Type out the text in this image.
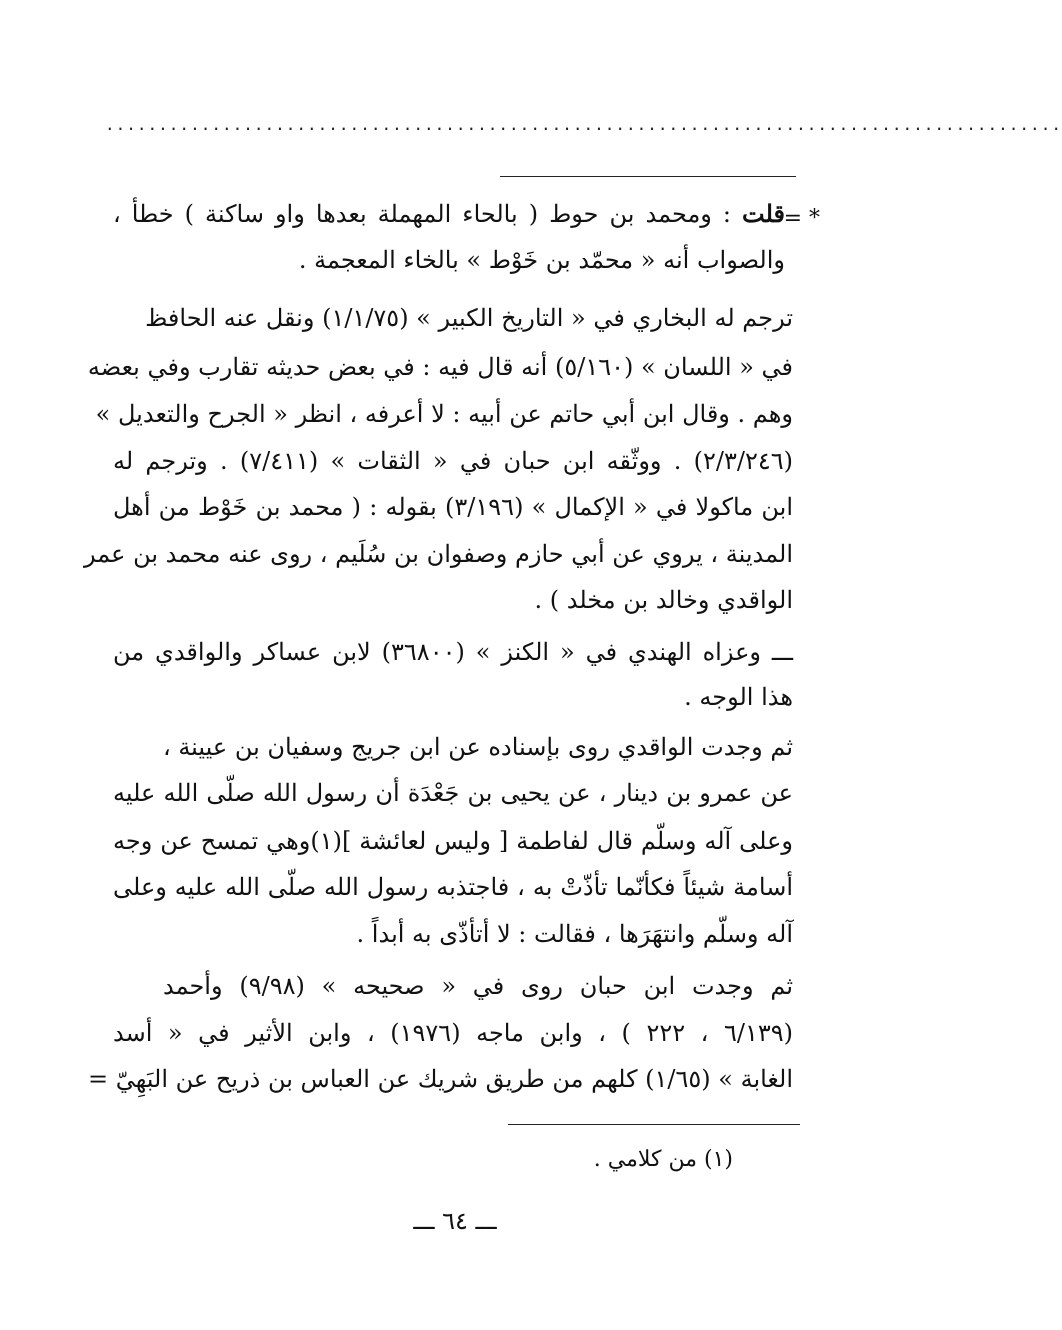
..........................................................................................
= *
قلت : ومحمد بن حوط ( بالحاء المهملة بعدها واو ساكنة ) خطأ ،
والصواب أنه « محمّد بن خَوْط » بالخاء المعجمة .
ترجم له البخاري في « التاريخ الكبير » (١/١/٧٥) ونقل عنه الحافظ
في « اللسان » (٥/١٦٠) أنه قال فيه : في بعض حديثه تقارب وفي بعضه
وهم . وقال ابن أبي حاتم عن أبيه : لا أعرفه ، انظر « الجرح والتعديل »
(٢/٣/٢٤٦) . ووثّقه ابن حبان في « الثقات » (٧/٤١١) . وترجم له
ابن ماكولا في « الإكمال » (٣/١٩٦) بقوله : ( محمد بن خَوْط من أهل
المدينة ، يروي عن أبي حازم وصفوان بن سُلَيم ، روى عنه محمد بن عمر
الواقدي وخالد بن مخلد ) .
ـــ وعزاه الهندي في « الكنز » (٣٦٨٠٠) لابن عساكر والواقدي من
هذا الوجه .
ثم وجدت الواقدي روى بإسناده عن ابن جريج وسفيان بن عيينة ،
عن عمرو بن دينار ، عن يحيى بن جَعْدَة أن رسول الله صلّى الله عليه
وعلى آله وسلّم قال لفاطمة [ وليس لعائشة ](١)وهي تمسح عن وجه
أسامة شيئاً فكأنّما تأذّتْ به ، فاجتذبه رسول الله صلّى الله عليه وعلى
آله وسلّم وانتهَرَها ، فقالت : لا أتأذّى به أبداً .
ثم وجدت ابن حبان روى في « صحيحه » (٩/٩٨) وأحمد
(٦/١٣٩ ، ٢٢٢ ) ، وابن ماجه (١٩٧٦) ، وابن الأثير في « أسد
الغابة » (١/٦٥) كلهم من طريق شريك عن العباس بن ذريح عن البَهِيّ =
(١) من كلامي .
ـــ ٦٤ ـــ
